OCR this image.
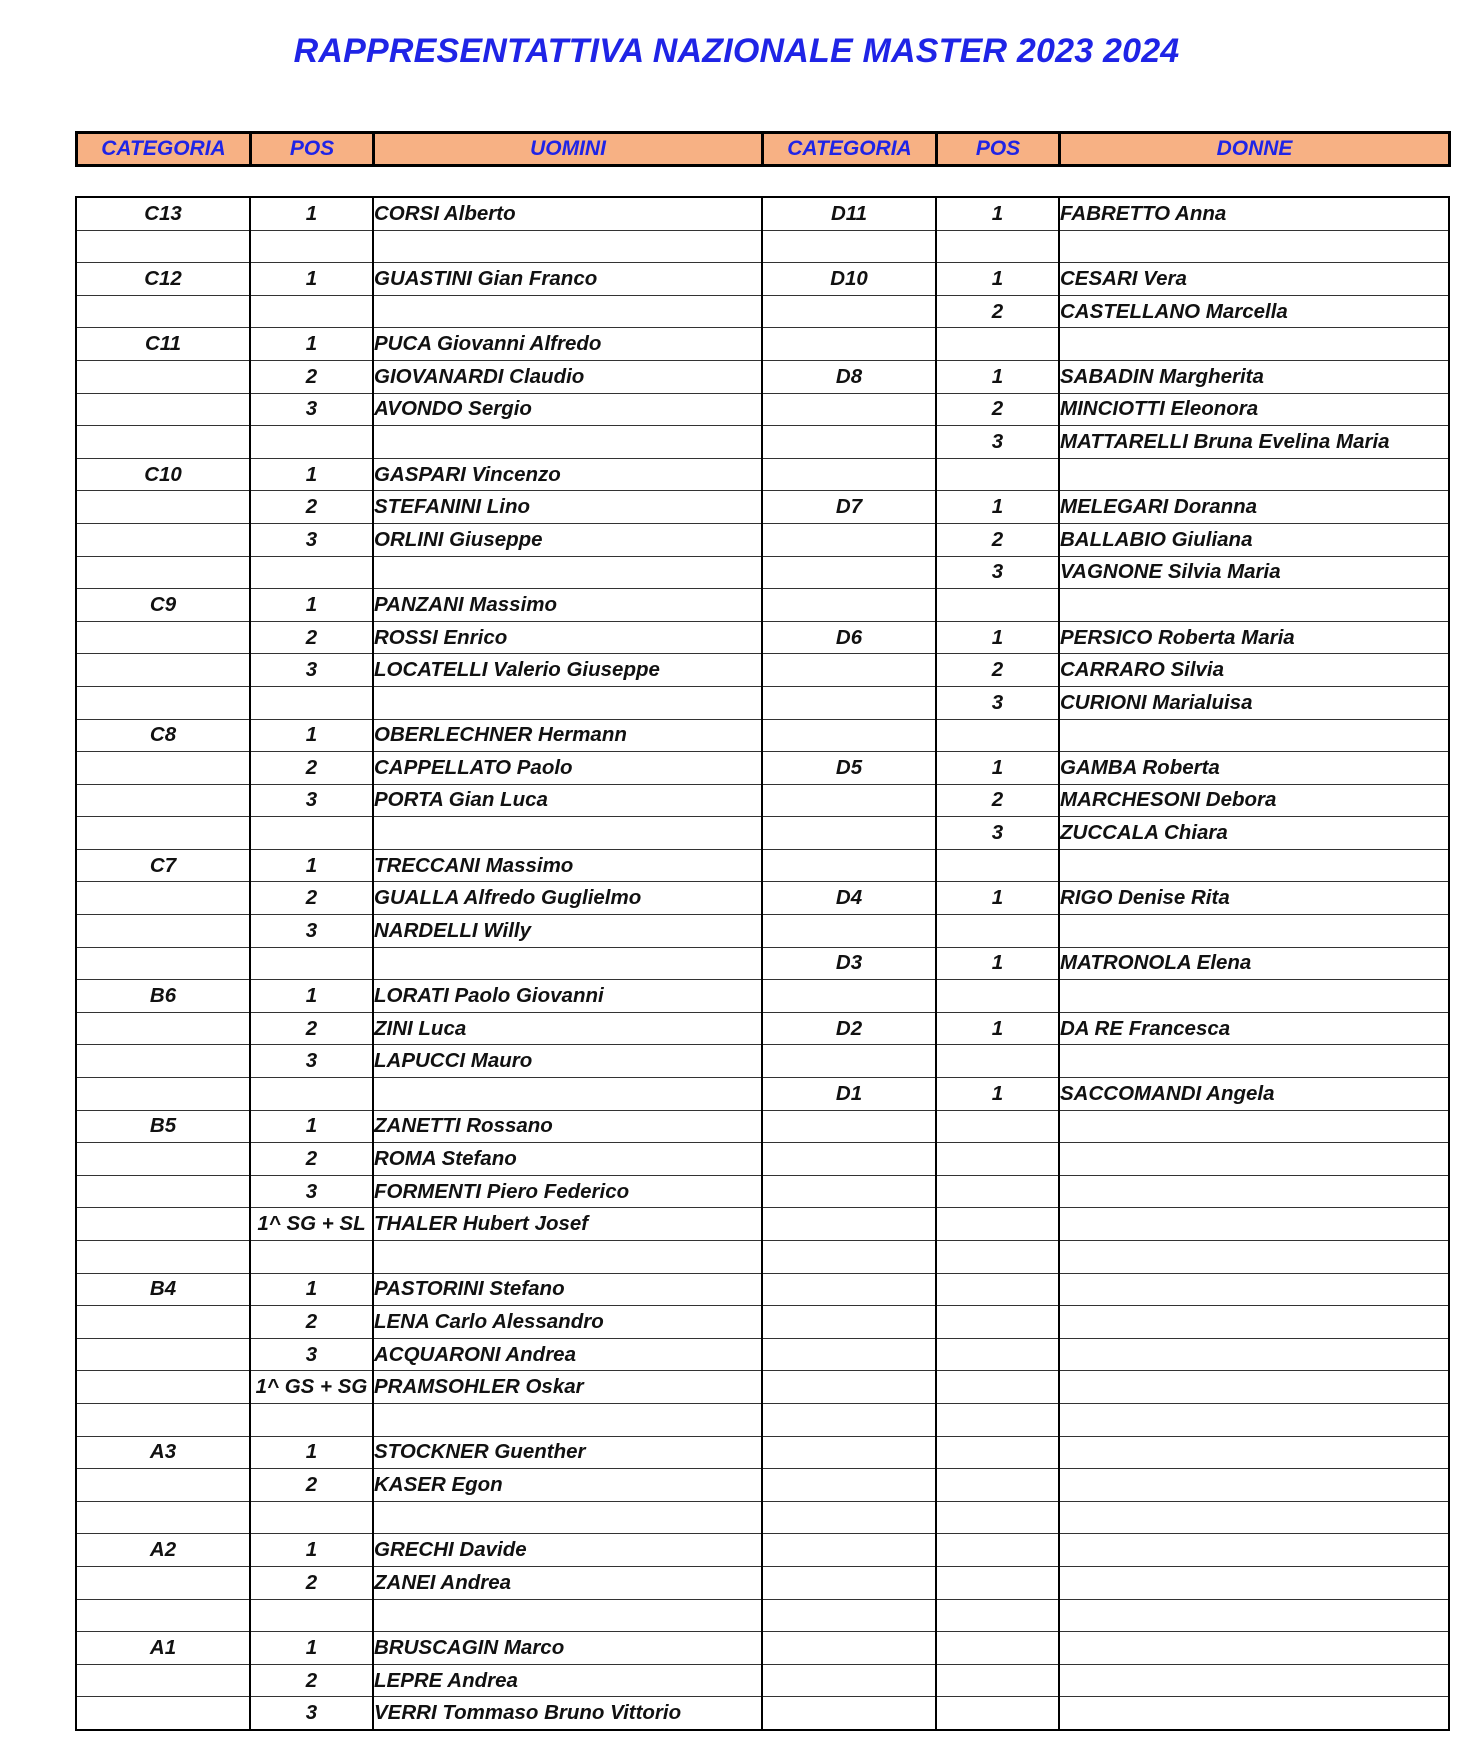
RAPPRESENTATTIVA NAZIONALE MASTER 2023 2024
CATEGORIA	POS	UOMINI	CATEGORIA	POS	DONNE
C13	1	CORSI Alberto	D11	1	FABRETTO Anna

C12	1	GUASTINI Gian Franco	D10	1	CESARI Vera
				2	CASTELLANO Marcella
C11	1	PUCA Giovanni Alfredo			
	2	GIOVANARDI Claudio	D8	1	SABADIN Margherita
	3	AVONDO Sergio		2	MINCIOTTI Eleonora
				3	MATTARELLI Bruna Evelina Maria
C10	1	GASPARI Vincenzo			
	2	STEFANINI Lino	D7	1	MELEGARI Doranna
	3	ORLINI Giuseppe		2	BALLABIO Giuliana
				3	VAGNONE Silvia Maria
C9	1	PANZANI Massimo			
	2	ROSSI Enrico	D6	1	PERSICO Roberta Maria
	3	LOCATELLI Valerio Giuseppe		2	CARRARO Silvia
				3	CURIONI Marialuisa
C8	1	OBERLECHNER Hermann			
	2	CAPPELLATO Paolo	D5	1	GAMBA Roberta
	3	PORTA Gian Luca		2	MARCHESONI Debora
				3	ZUCCALA Chiara
C7	1	TRECCANI Massimo			
	2	GUALLA Alfredo Guglielmo	D4	1	RIGO Denise Rita
	3	NARDELLI Willy			
			D3	1	MATRONOLA Elena
B6	1	LORATI Paolo Giovanni			
	2	ZINI Luca	D2	1	DA RE Francesca
	3	LAPUCCI Mauro			
			D1	1	SACCOMANDI Angela
B5	1	ZANETTI Rossano			
	2	ROMA Stefano			
	3	FORMENTI Piero Federico			
	1^ SG + SL	THALER Hubert Josef			

B4	1	PASTORINI Stefano			
	2	LENA Carlo Alessandro			
	3	ACQUARONI Andrea			
	1^ GS + SG	PRAMSOHLER Oskar			

A3	1	STOCKNER Guenther			
	2	KASER Egon			

A2	1	GRECHI Davide			
	2	ZANEI Andrea			

A1	1	BRUSCAGIN Marco			
	2	LEPRE Andrea			
	3	VERRI Tommaso Bruno Vittorio			
